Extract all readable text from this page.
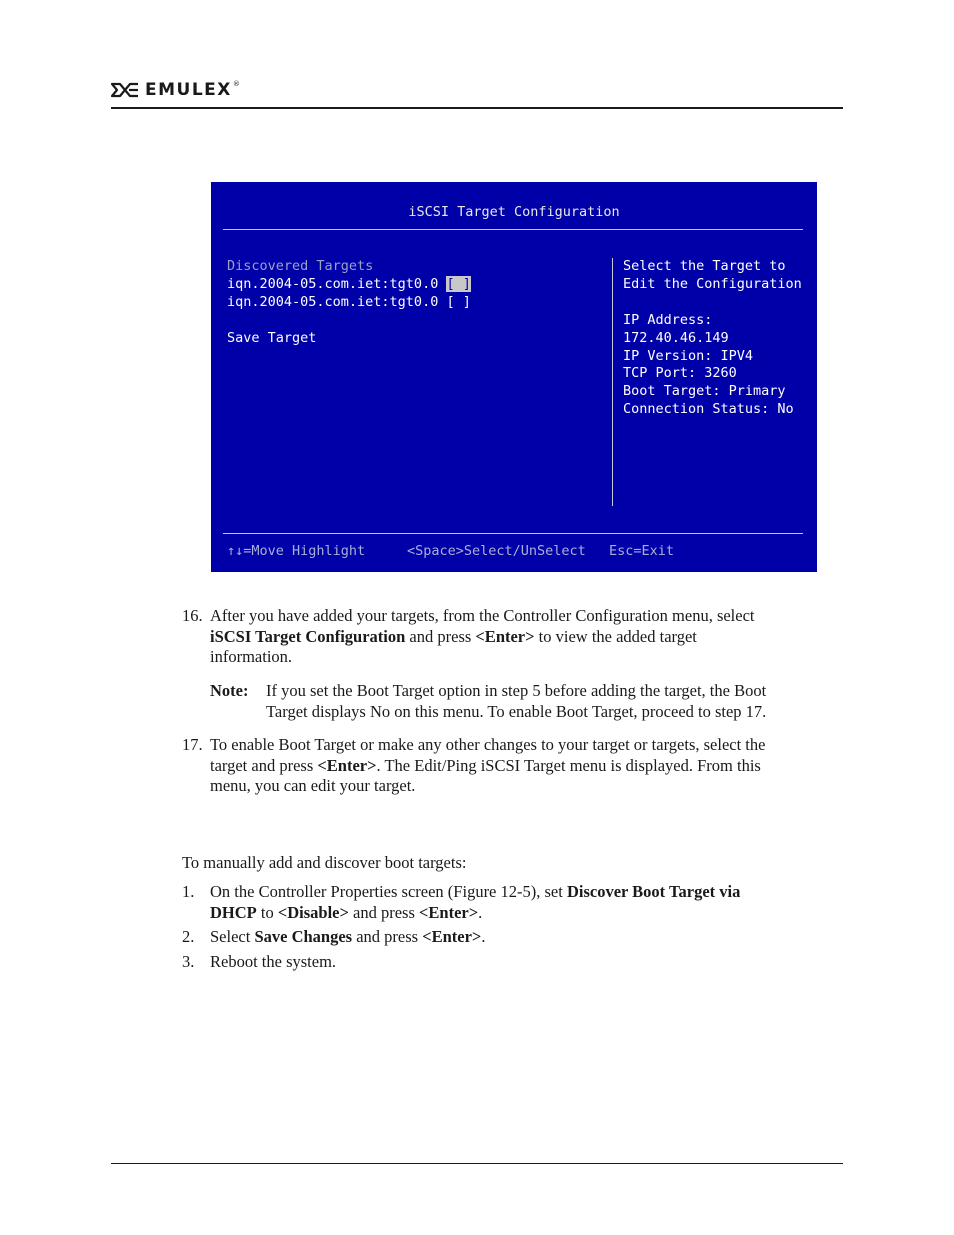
EMULEX ®
iSCSI Target Configuration
Discovered Targets
iqn.2004-05.com.iet:tgt0.0 [ ]
iqn.2004-05.com.iet:tgt0.0 [ ]
Save Target
Select the Target to
Edit the Configuration
IP Address:
172.40.46.149
IP Version: IPV4
TCP Port: 3260
Boot Target: Primary
Connection Status: No
↑↓=Move Highlight	<Space>Select/UnSelect Esc=Exit
16. After you have added your targets, from the Controller Configuration menu, select
iSCSI Target Configuration and press <Enter> to view the added target
information.
Note: If you set the Boot Target option in step 5 before adding the target, the Boot
Target displays No on this menu. To enable Boot Target, proceed to step 17.
17. To enable Boot Target or make any other changes to your target or targets, select the
target and press <Enter>. The Edit/Ping iSCSI Target menu is displayed. From this
menu, you can edit your target.
To manually add and discover boot targets:
1. On the Controller Properties screen (Figure 12-5), set Discover Boot Target via
DHCP to <Disable> and press <Enter>.
2. Select Save Changes and press <Enter>.
3. Reboot the system.
